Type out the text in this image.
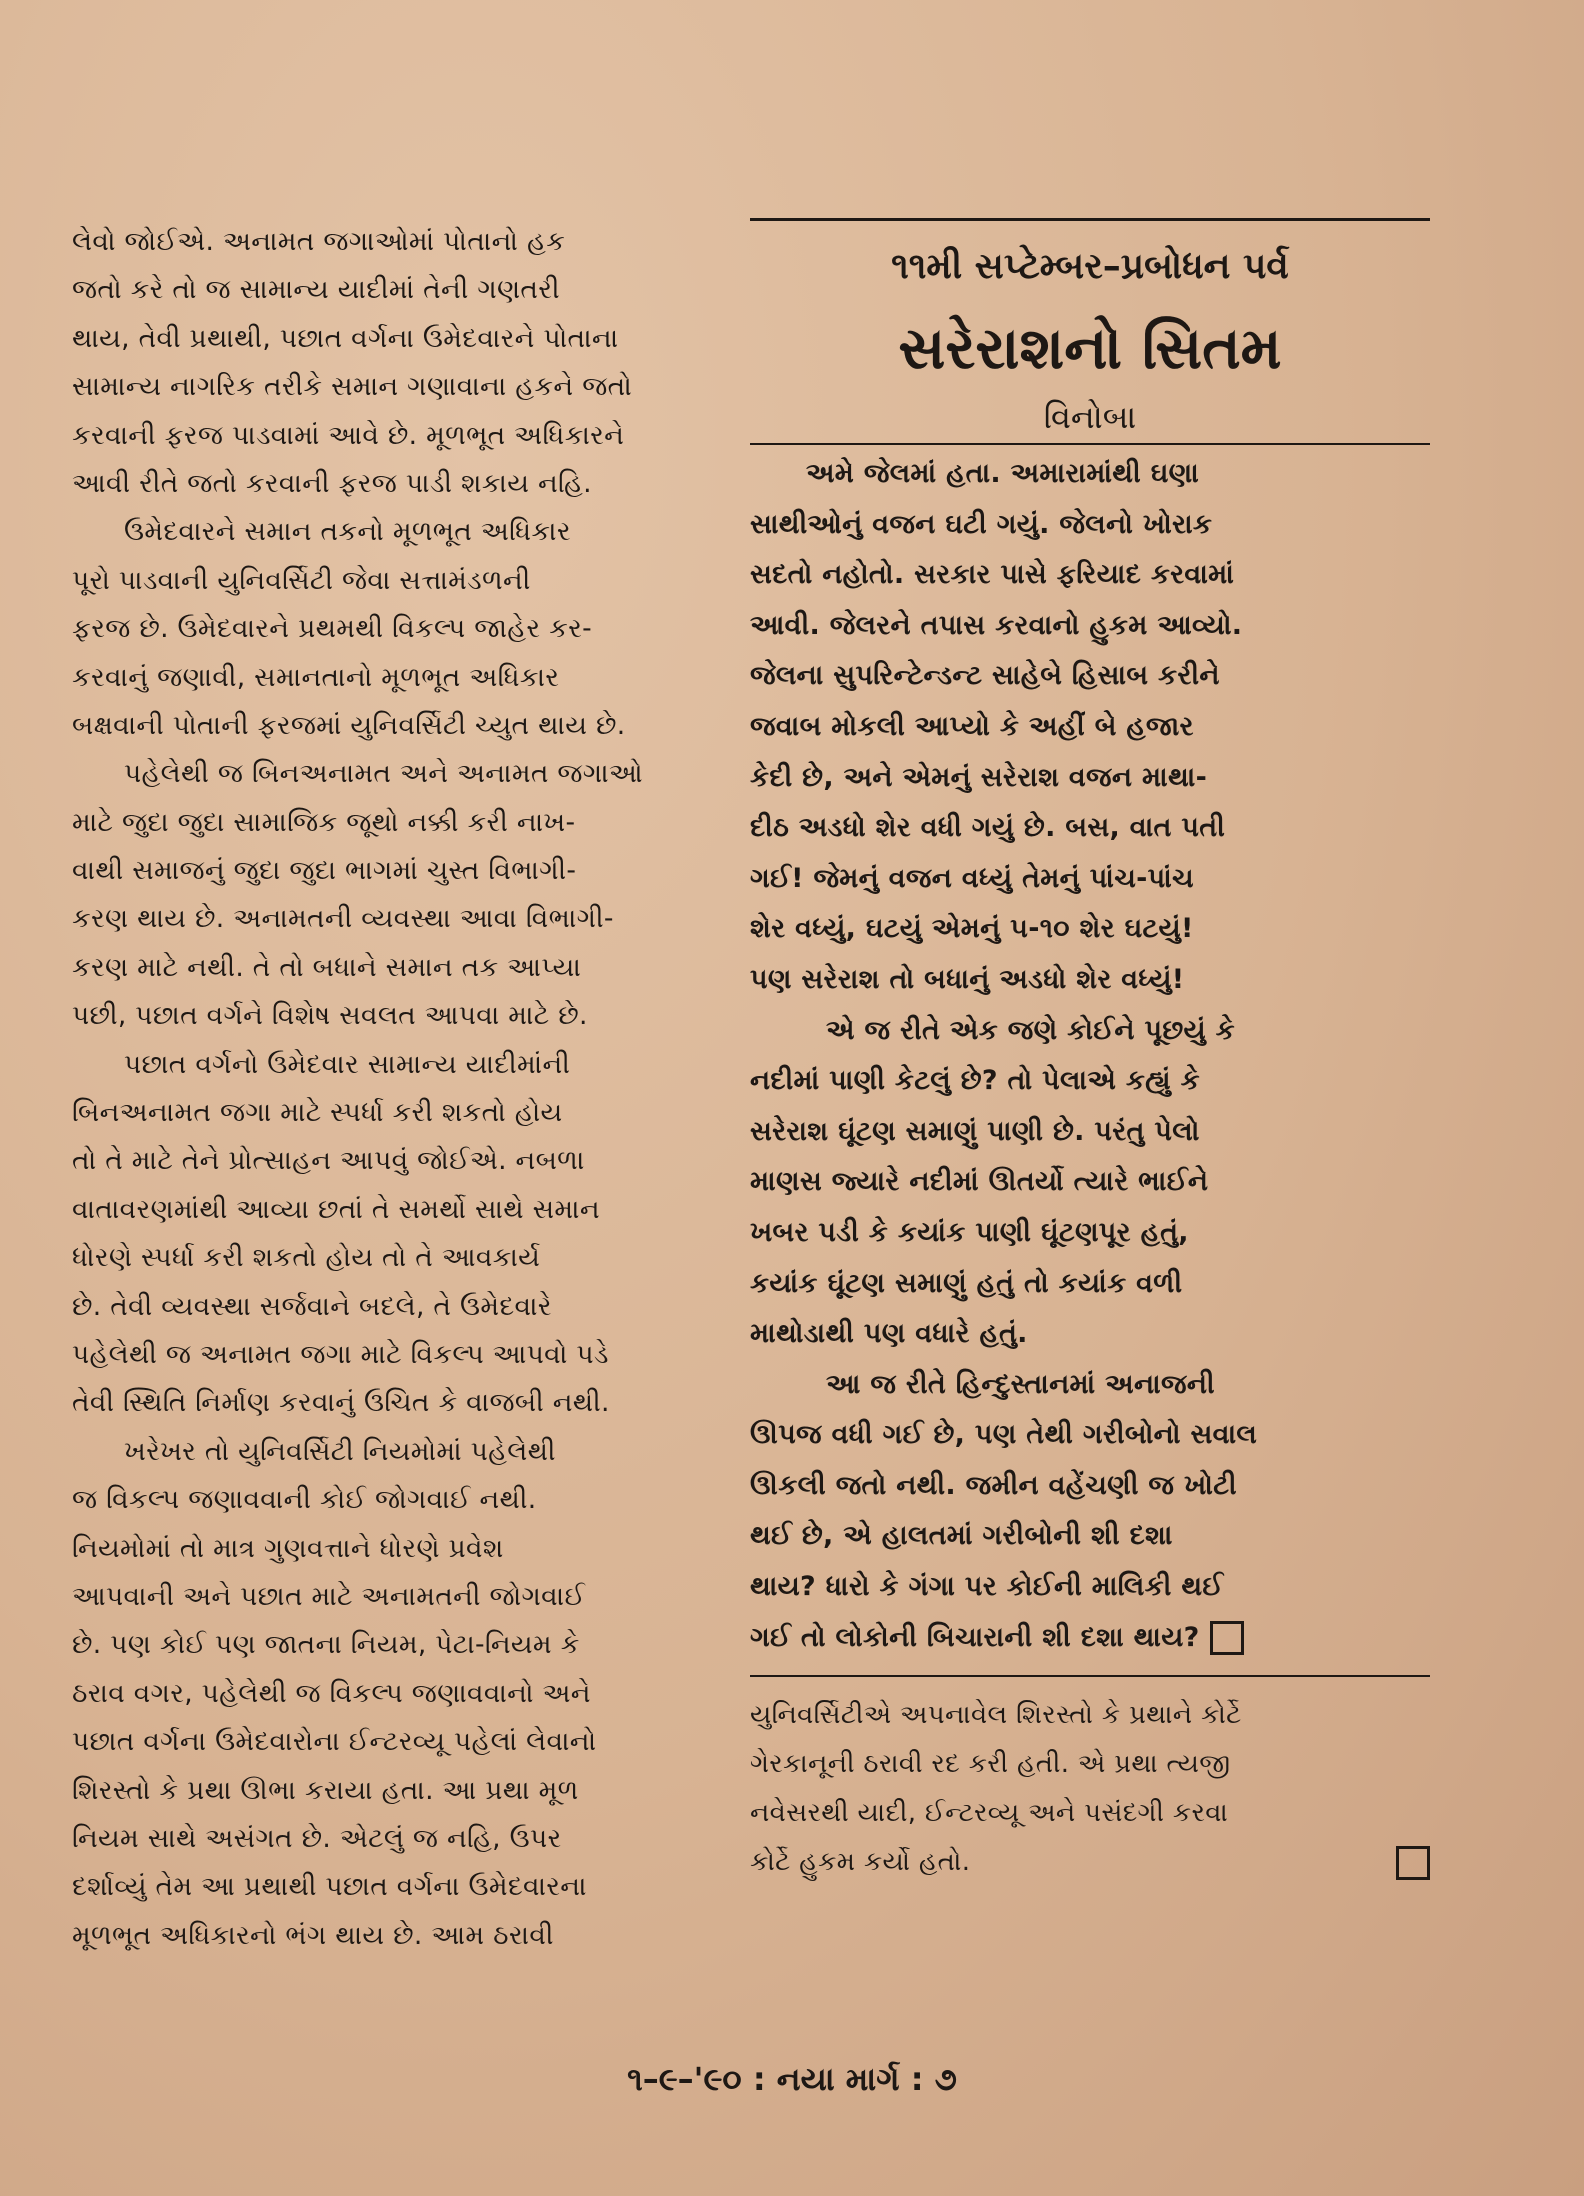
લેવો જોઈએ. અનામત જગાઓમાં પોતાનો હક
જતો કરે તો જ સામાન્ય યાદીમાં તેની ગણતરી
થાય, તેવી પ્રથાથી, પછાત વર્ગના ઉમેદવારને પોતાના
સામાન્ય નાગરિક તરીકે સમાન ગણાવાના હકને જતો
કરવાની ફરજ પાડવામાં આવે છે. મૂળભૂત અધિકારને
આવી રીતે જતો કરવાની ફરજ પાડી શકાય નહિ.
ઉમેદવારને સમાન તકનો મૂળભૂત અધિકાર
પૂરો પાડવાની યુનિવર્સિટી જેવા સત્તામંડળની
ફરજ છે. ઉમેદવારને પ્રથમથી વિકલ્પ જાહેર કર-
કરવાનું જણાવી, સમાનતાનો મૂળભૂત અધિકાર
બક્ષવાની પોતાની ફરજમાં યુનિવર્સિટી ચ્યુત થાય છે.
પહેલેથી જ બિનઅનામત અને અનામત જગાઓ
માટે જુદા જુદા સામાજિક જૂથો નક્કી કરી નાખ-
વાથી સમાજનું જુદા જુદા ભાગમાં ચુસ્ત વિભાગી-
કરણ થાય છે. અનામતની વ્યવસ્થા આવા વિભાગી-
કરણ માટે નથી. તે તો બધાને સમાન તક આપ્યા
પછી, પછાત વર્ગને વિશેષ સવલત આપવા માટે છે.
પછાત વર્ગનો ઉમેદવાર સામાન્ય યાદીમાંની
બિનઅનામત જગા માટે સ્પર્ધા કરી શકતો હોય
તો તે માટે તેને પ્રોત્સાહન આપવું જોઈએ. નબળા
વાતાવરણમાંથી આવ્યા છતાં તે સમર્થો સાથે સમાન
ધોરણે સ્પર્ધા કરી શકતો હોય તો તે આવકાર્ય
છે. તેવી વ્યવસ્થા સર્જવાને બદલે, તે ઉમેદવારે
પહેલેથી જ અનામત જગા માટે વિકલ્પ આપવો પડે
તેવી સ્થિતિ નિર્માણ કરવાનું ઉચિત કે વાજબી નથી.
ખરેખર તો યુનિવર્સિટી નિયમોમાં પહેલેથી
જ વિકલ્પ જણાવવાની કોઈ જોગવાઈ નથી.
નિયમોમાં તો માત્ર ગુણવત્તાને ધોરણે પ્રવેશ
આપવાની અને પછાત માટે અનામતની જોગવાઈ
છે. પણ કોઈ પણ જાતના નિયમ, પેટા-નિયમ કે
ઠરાવ વગર, પહેલેથી જ વિકલ્પ જણાવવાનો અને
પછાત વર્ગના ઉમેદવારોના ઈન્ટરવ્યૂ પહેલાં લેવાનો
શિરસ્તો કે પ્રથા ઊભા કરાયા હતા. આ પ્રથા મૂળ
નિયમ સાથે અસંગત છે. એટલું જ નહિ, ઉપર
દર્શાવ્યું તેમ આ પ્રથાથી પછાત વર્ગના ઉમેદવારના
મૂળભૂત અધિકારનો ભંગ થાય છે. આમ ઠરાવી
૧૧મી સપ્ટેમ્બર–પ્રબોધન પર્વ
સરેરાશનો સિતમ
વિનોબા
અમે જેલમાં હતા. અમારામાંથી ઘણા
સાથીઓનું વજન ઘટી ગયું. જેલનો ખોરાક
સદતો નહોતો. સરકાર પાસે ફરિયાદ કરવામાં
આવી. જેલરને તપાસ કરવાનો હુકમ આવ્યો.
જેલના સુપરિન્ટેન્ડન્ટ સાહેબે હિસાબ કરીને
જવાબ મોકલી આપ્યો કે અહીં બે હજાર
કેદી છે, અને એમનું સરેરાશ વજન માથા-
દીઠ અડધો શેર વધી ગયું છે. બસ, વાત પતી
ગઈ! જેમનું વજન વધ્યું તેમનું પાંચ-પાંચ
શેર વધ્યું, ઘટયું એમનું ૫-૧૦ શેર ઘટયું!
પણ સરેરાશ તો બધાનું અડધો શેર વધ્યું!
એ જ રીતે એક જણે કોઈને પૂછયું કે
નદીમાં પાણી કેટલું છે? તો પેલાએ કહ્યું કે
સરેરાશ ઘૂંટણ સમાણું પાણી છે. પરંતુ પેલો
માણસ જ્યારે નદીમાં ઊતર્યો ત્યારે ભાઈને
ખબર પડી કે કયાંક પાણી ઘૂંટણપૂર હતું,
કયાંક ઘૂંટણ સમાણું હતું તો કયાંક વળી
માથોડાથી પણ વધારે હતું.
આ જ રીતે હિન્દુસ્તાનમાં અનાજની
ઊપજ વધી ગઈ છે, પણ તેથી ગરીબોનો સવાલ
ઊકલી જતો નથી. જમીન વહેંચણી જ ખોટી
થઈ છે, એ હાલતમાં ગરીબોની શી દશા
થાય? ધારો કે ગંગા પર કોઈની માલિકી થઈ
ગઈ તો લોકોની બિચારાની શી દશા થાય?
યુનિવર્સિટીએ અપનાવેલ શિરસ્તો કે પ્રથાને કોર્ટે
ગેરકાનૂની ઠરાવી રદ કરી હતી. એ પ્રથા ત્યજી
નવેસરથી યાદી, ઈન્ટરવ્યૂ અને પસંદગી કરવા
કોર્ટે હુકમ કર્યો હતો.
૧–૯–'૯૦ : નયા માર્ગ : ૭
